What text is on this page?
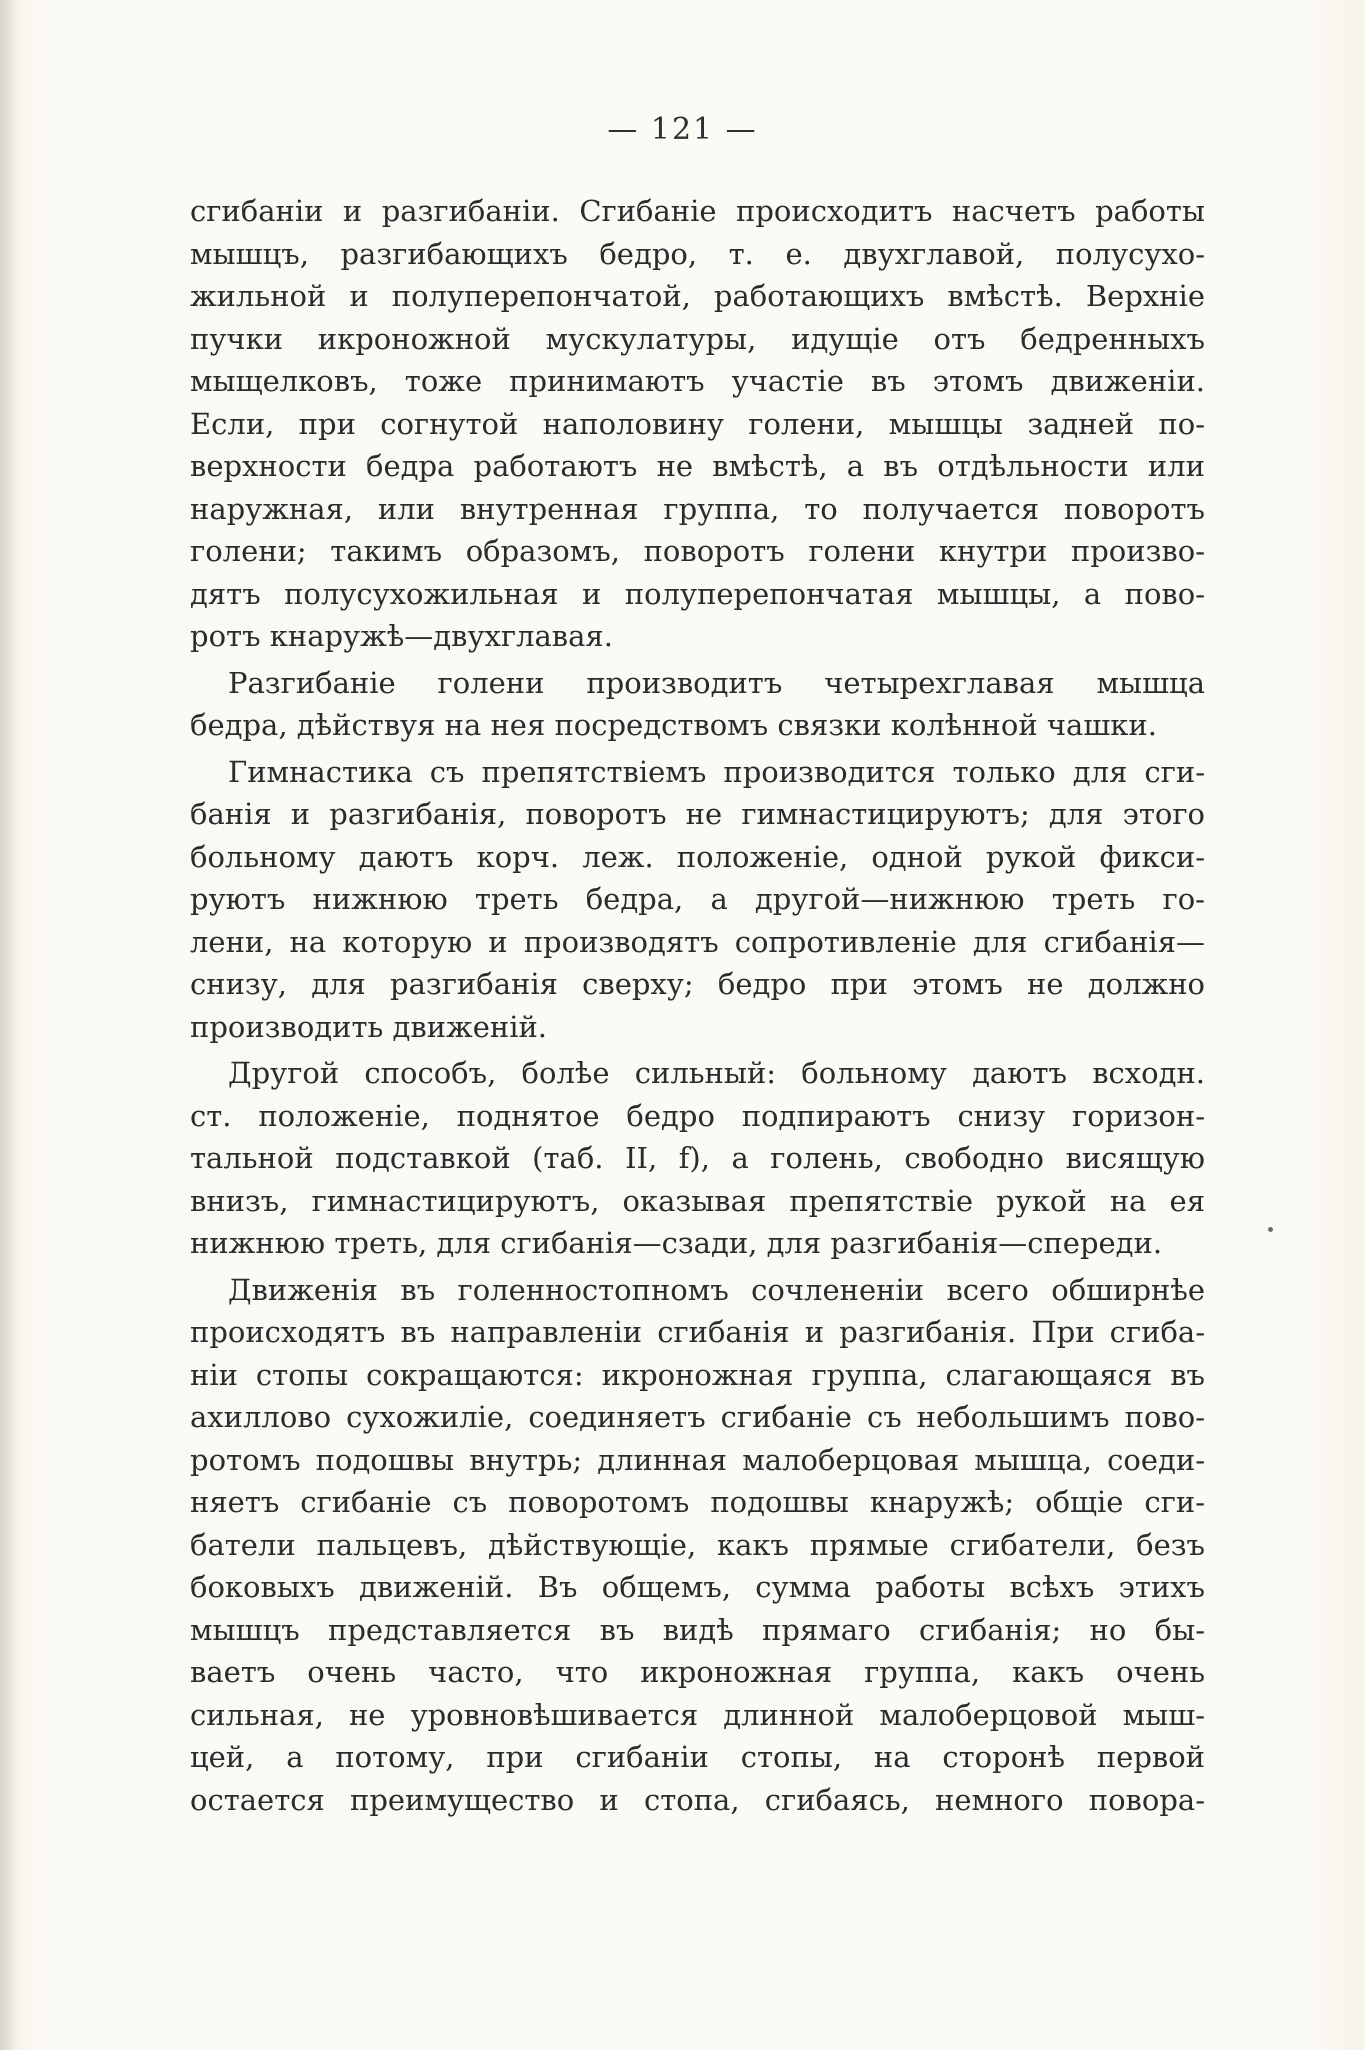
— 121 —
сгибаніи и разгибаніи. Сгибаніе происходитъ насчетъ работы
мышцъ, разгибающихъ бедро, т. е. двухглавой, полусухо-
жильной и полуперепончатой, работающихъ вмѣстѣ. Верхніе
пучки икроножной мускулатуры, идущіе отъ бедренныхъ
мыщелковъ, тоже принимаютъ участіе въ этомъ движеніи.
Если, при согнутой наполовину голени, мышцы задней по-
верхности бедра работаютъ не вмѣстѣ, а въ отдѣльности или
наружная, или внутренная группа, то получается поворотъ
голени; такимъ образомъ, поворотъ голени кнутри произво-
дятъ полусухожильная и полуперепончатая мышцы, а пово-
ротъ кнаружѣ—двухглавая.
Разгибаніе голени производитъ четырехглавая мышца
бедра, дѣйствуя на нея посредствомъ связки колѣнной чашки.
Гимнастика съ препятствіемъ производится только для сги-
банія и разгибанія, поворотъ не гимнастицируютъ; для этого
больному даютъ корч. леж. положеніе, одной рукой фикси-
руютъ нижнюю треть бедра, а другой—нижнюю треть го-
лени, на которую и производятъ сопротивленіе для сгибанія—
снизу, для разгибанія сверху; бедро при этомъ не должно
производить движеній.
Другой способъ, болѣе сильный: больному даютъ всходн.
ст. положеніе, поднятое бедро подпираютъ снизу горизон-
тальной подставкой (таб. II, f), а голень, свободно висящую
внизъ, гимнастицируютъ, оказывая препятствіе рукой на ея
нижнюю треть, для сгибанія—сзади, для разгибанія—спереди.
Движенія въ голенностопномъ сочлененіи всего обширнѣе
происходятъ въ направленіи сгибанія и разгибанія. При сгиба-
ніи стопы сокращаются: икроножная группа, слагающаяся въ
ахиллово сухожиліе, соединяетъ сгибаніе съ небольшимъ пово-
ротомъ подошвы внутрь; длинная малоберцовая мышца, соеди-
няетъ сгибаніе съ поворотомъ подошвы кнаружѣ; общіе сги-
батели пальцевъ, дѣйствующіе, какъ прямые сгибатели, безъ
боковыхъ движеній. Въ общемъ, сумма работы всѣхъ этихъ
мышцъ представляется въ видѣ прямаго сгибанія; но бы-
ваетъ очень часто, что икроножная группа, какъ очень
сильная, не уровновѣшивается длинной малоберцовой мыш-
цей, а потому, при сгибаніи стопы, на сторонѣ первой
остается преимущество и стопа, сгибаясь, немного повора-
